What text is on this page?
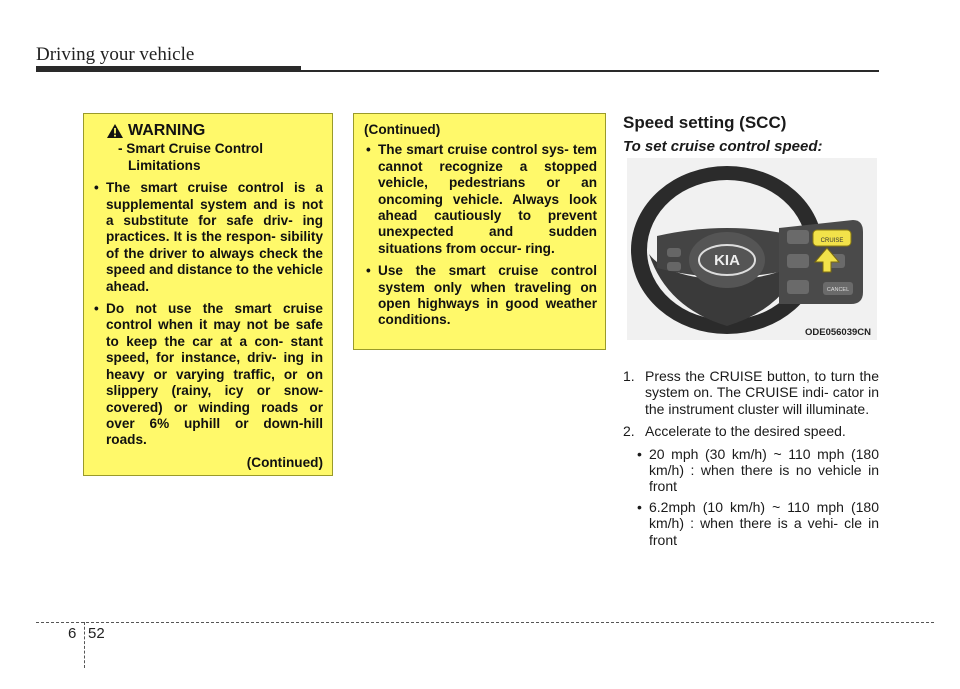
Driving your vehicle
WARNING
- Smart Cruise Control
Limitations
• The smart cruise control is a supplemental system and is not a substitute for safe driv- ing practices. It is the respon- sibility of the driver to always check the speed and distance to the vehicle ahead.
• Do not use the smart cruise control when it may not be safe to keep the car at a con- stant speed, for instance, driv- ing in heavy or varying traffic, or on slippery (rainy, icy or snow-covered) or winding roads or over 6% uphill or down-hill roads.
(Continued)
(Continued)
• The smart cruise control sys- tem cannot recognize a stopped vehicle, pedestrians or an oncoming vehicle. Always look ahead cautiously to prevent unexpected and sudden situations from occur- ring.
• Use the smart cruise control system only when traveling on open highways in good weather conditions.
Speed setting (SCC)
To set cruise control speed:
KIA
CRUISE
CANCEL
ODE056039CN
1. Press the CRUISE button, to turn the system on. The CRUISE indi- cator in the instrument cluster will illuminate.
2. Accelerate to the desired speed.
• 20 mph (30 km/h) ~ 110 mph (180 km/h) : when there is no vehicle in front
• 6.2mph (10 km/h) ~ 110 mph (180 km/h) : when there is a vehi- cle in front
6 52
